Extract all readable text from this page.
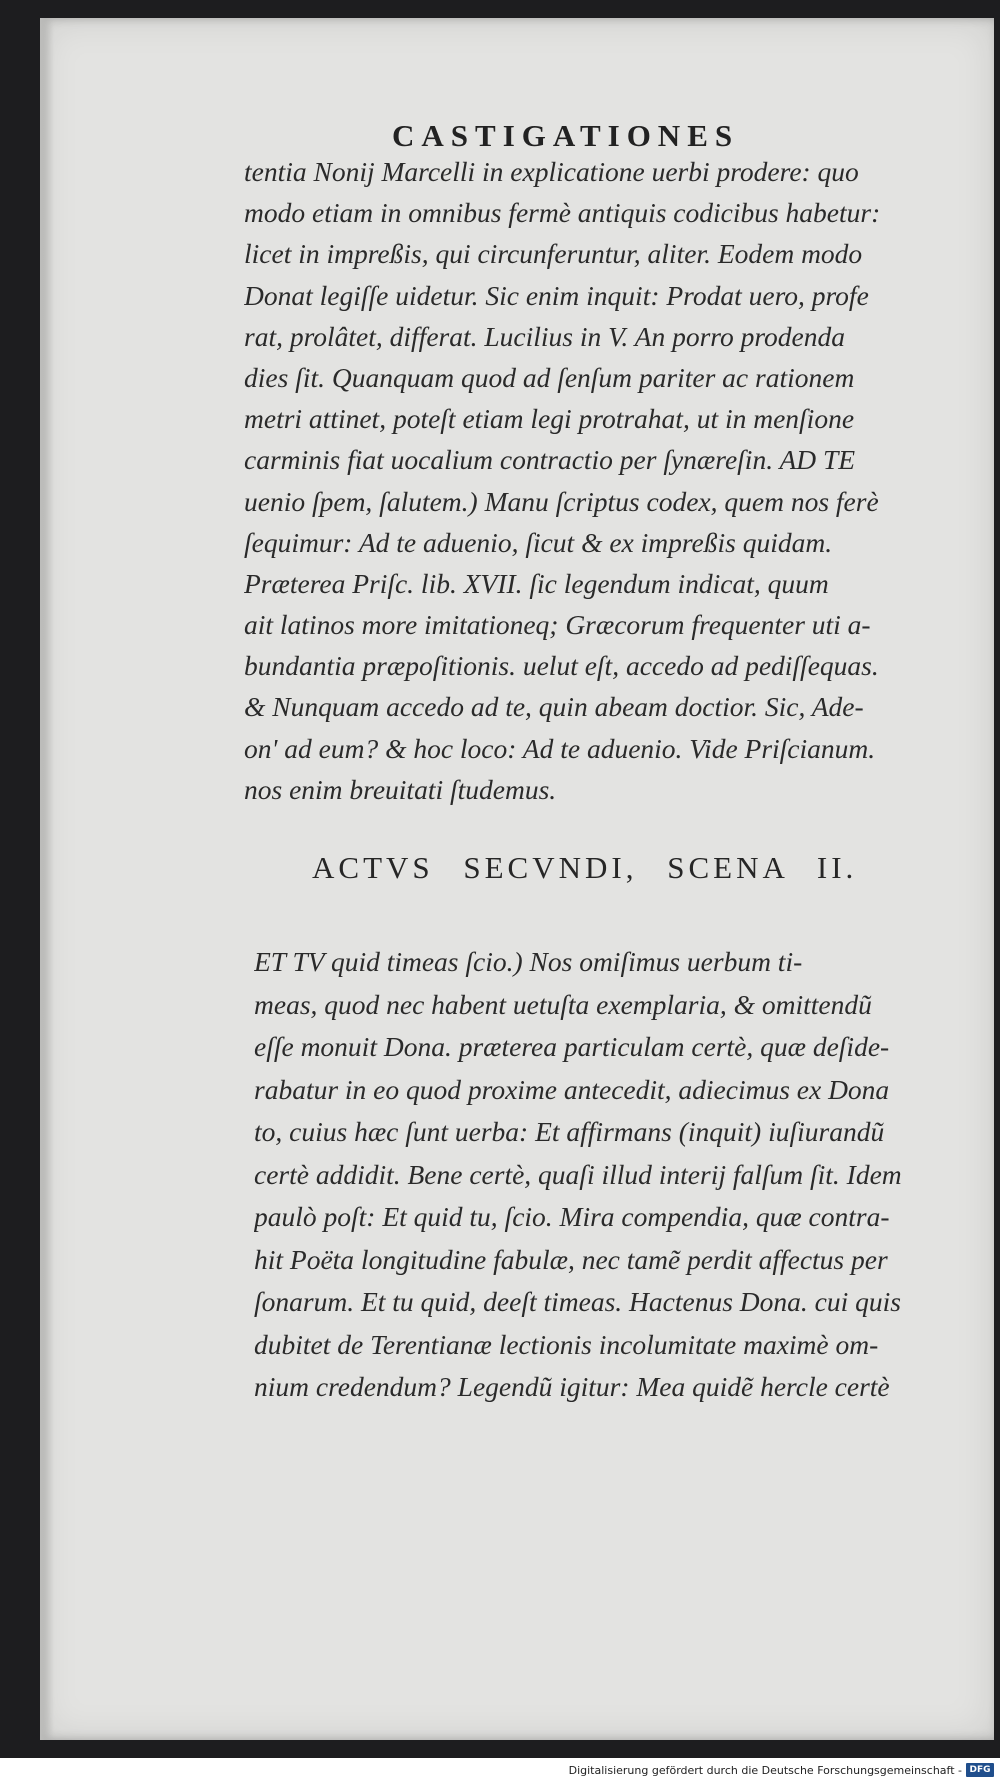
CASTIGATIONES
tentia Nonij Marcelli in explicatione uerbi prodere: quo
modo etiam in omnibus fermè antiquis codicibus habetur:
licet in impreßis, qui circunferuntur, aliter. Eodem modo
Donat legiſſe uidetur. Sic enim inquit: Prodat uero, profe
rat, prolâtet, differat. Lucilius in V. An porro prodenda
dies ſit. Quanquam quod ad ſenſum pariter ac rationem
metri attinet, poteſt etiam legi protrahat, ut in menſione
carminis fiat uocalium contractio per ſynæreſin. AD TE
uenio ſpem, ſalutem.) Manu ſcriptus codex, quem nos ferè
ſequimur: Ad te aduenio, ſicut & ex impreßis quidam.
Præterea Priſc. lib. XVII. ſic legendum indicat, quum
ait latinos more imitationeq; Græcorum frequenter uti a-
bundantia præpoſitionis. uelut eſt, accedo ad pediſſequas.
& Nunquam accedo ad te, quin abeam doctior. Sic, Ade-
on' ad eum? & hoc loco: Ad te aduenio. Vide Priſcianum.
nos enim breuitati ſtudemus.
ACTVS SECVNDI, SCENA II.
ET TV quid timeas ſcio.) Nos omiſimus uerbum ti-
meas, quod nec habent uetuſta exemplaria, & omittendũ
eſſe monuit Dona. præterea particulam certè, quæ deſide-
rabatur in eo quod proxime antecedit, adiecimus ex Dona
to, cuius hæc ſunt uerba: Et affirmans (inquit) iuſiurandũ
certè addidit. Bene certè, quaſi illud interij falſum ſit. Idem
paulò poſt: Et quid tu, ſcio. Mira compendia, quæ contra-
hit Poëta longitudine fabulæ, nec tamẽ perdit affectus per
ſonarum. Et tu quid, deeſt timeas. Hactenus Dona. cui quis
dubitet de Terentianæ lectionis incolumitate maximè om-
nium credendum? Legendũ igitur: Mea quidẽ hercle certè
Digitalisierung gefördert durch die Deutsche Forschungsgemeinschaft - DFG
